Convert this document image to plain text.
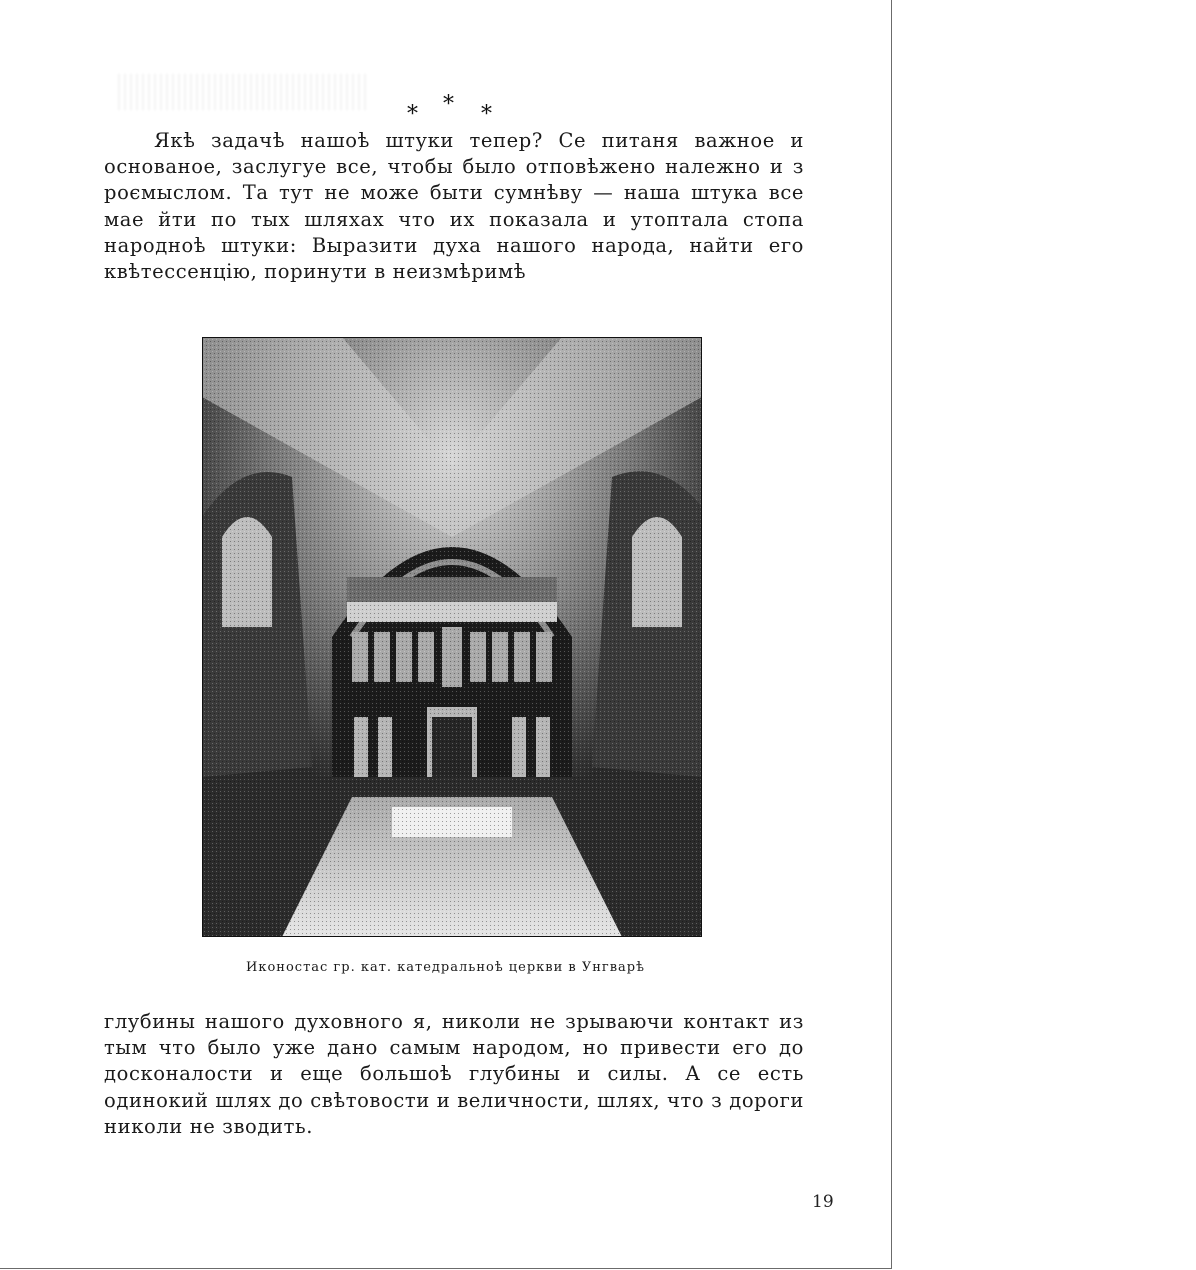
* * *

Якѣ задачѣ нашоѣ штуки тепер? Се питаня важное и основаное, заслугуе все, чтобы было отповѣжено належно и з роємыслом. Та тут не може быти сумнѣву — наша штука все мае йти по тых шляхах что их показала и утоптала стопа народноѣ штуки: Выразити духа нашого народа, найти его квѣтессенцію, поринути в неизмѣримѣ

Иконостас гр. кат. катедральноѣ церкви в Унгварѣ

глубины нашого духовного я, николи не зрываючи контакт из тым что было уже дано самым народом, но привести его до досконалости и еще большоѣ глубины и силы. А се есть одинокий шлях до свѣтовости и величности, шлях, что з дороги николи не зводить.

19
